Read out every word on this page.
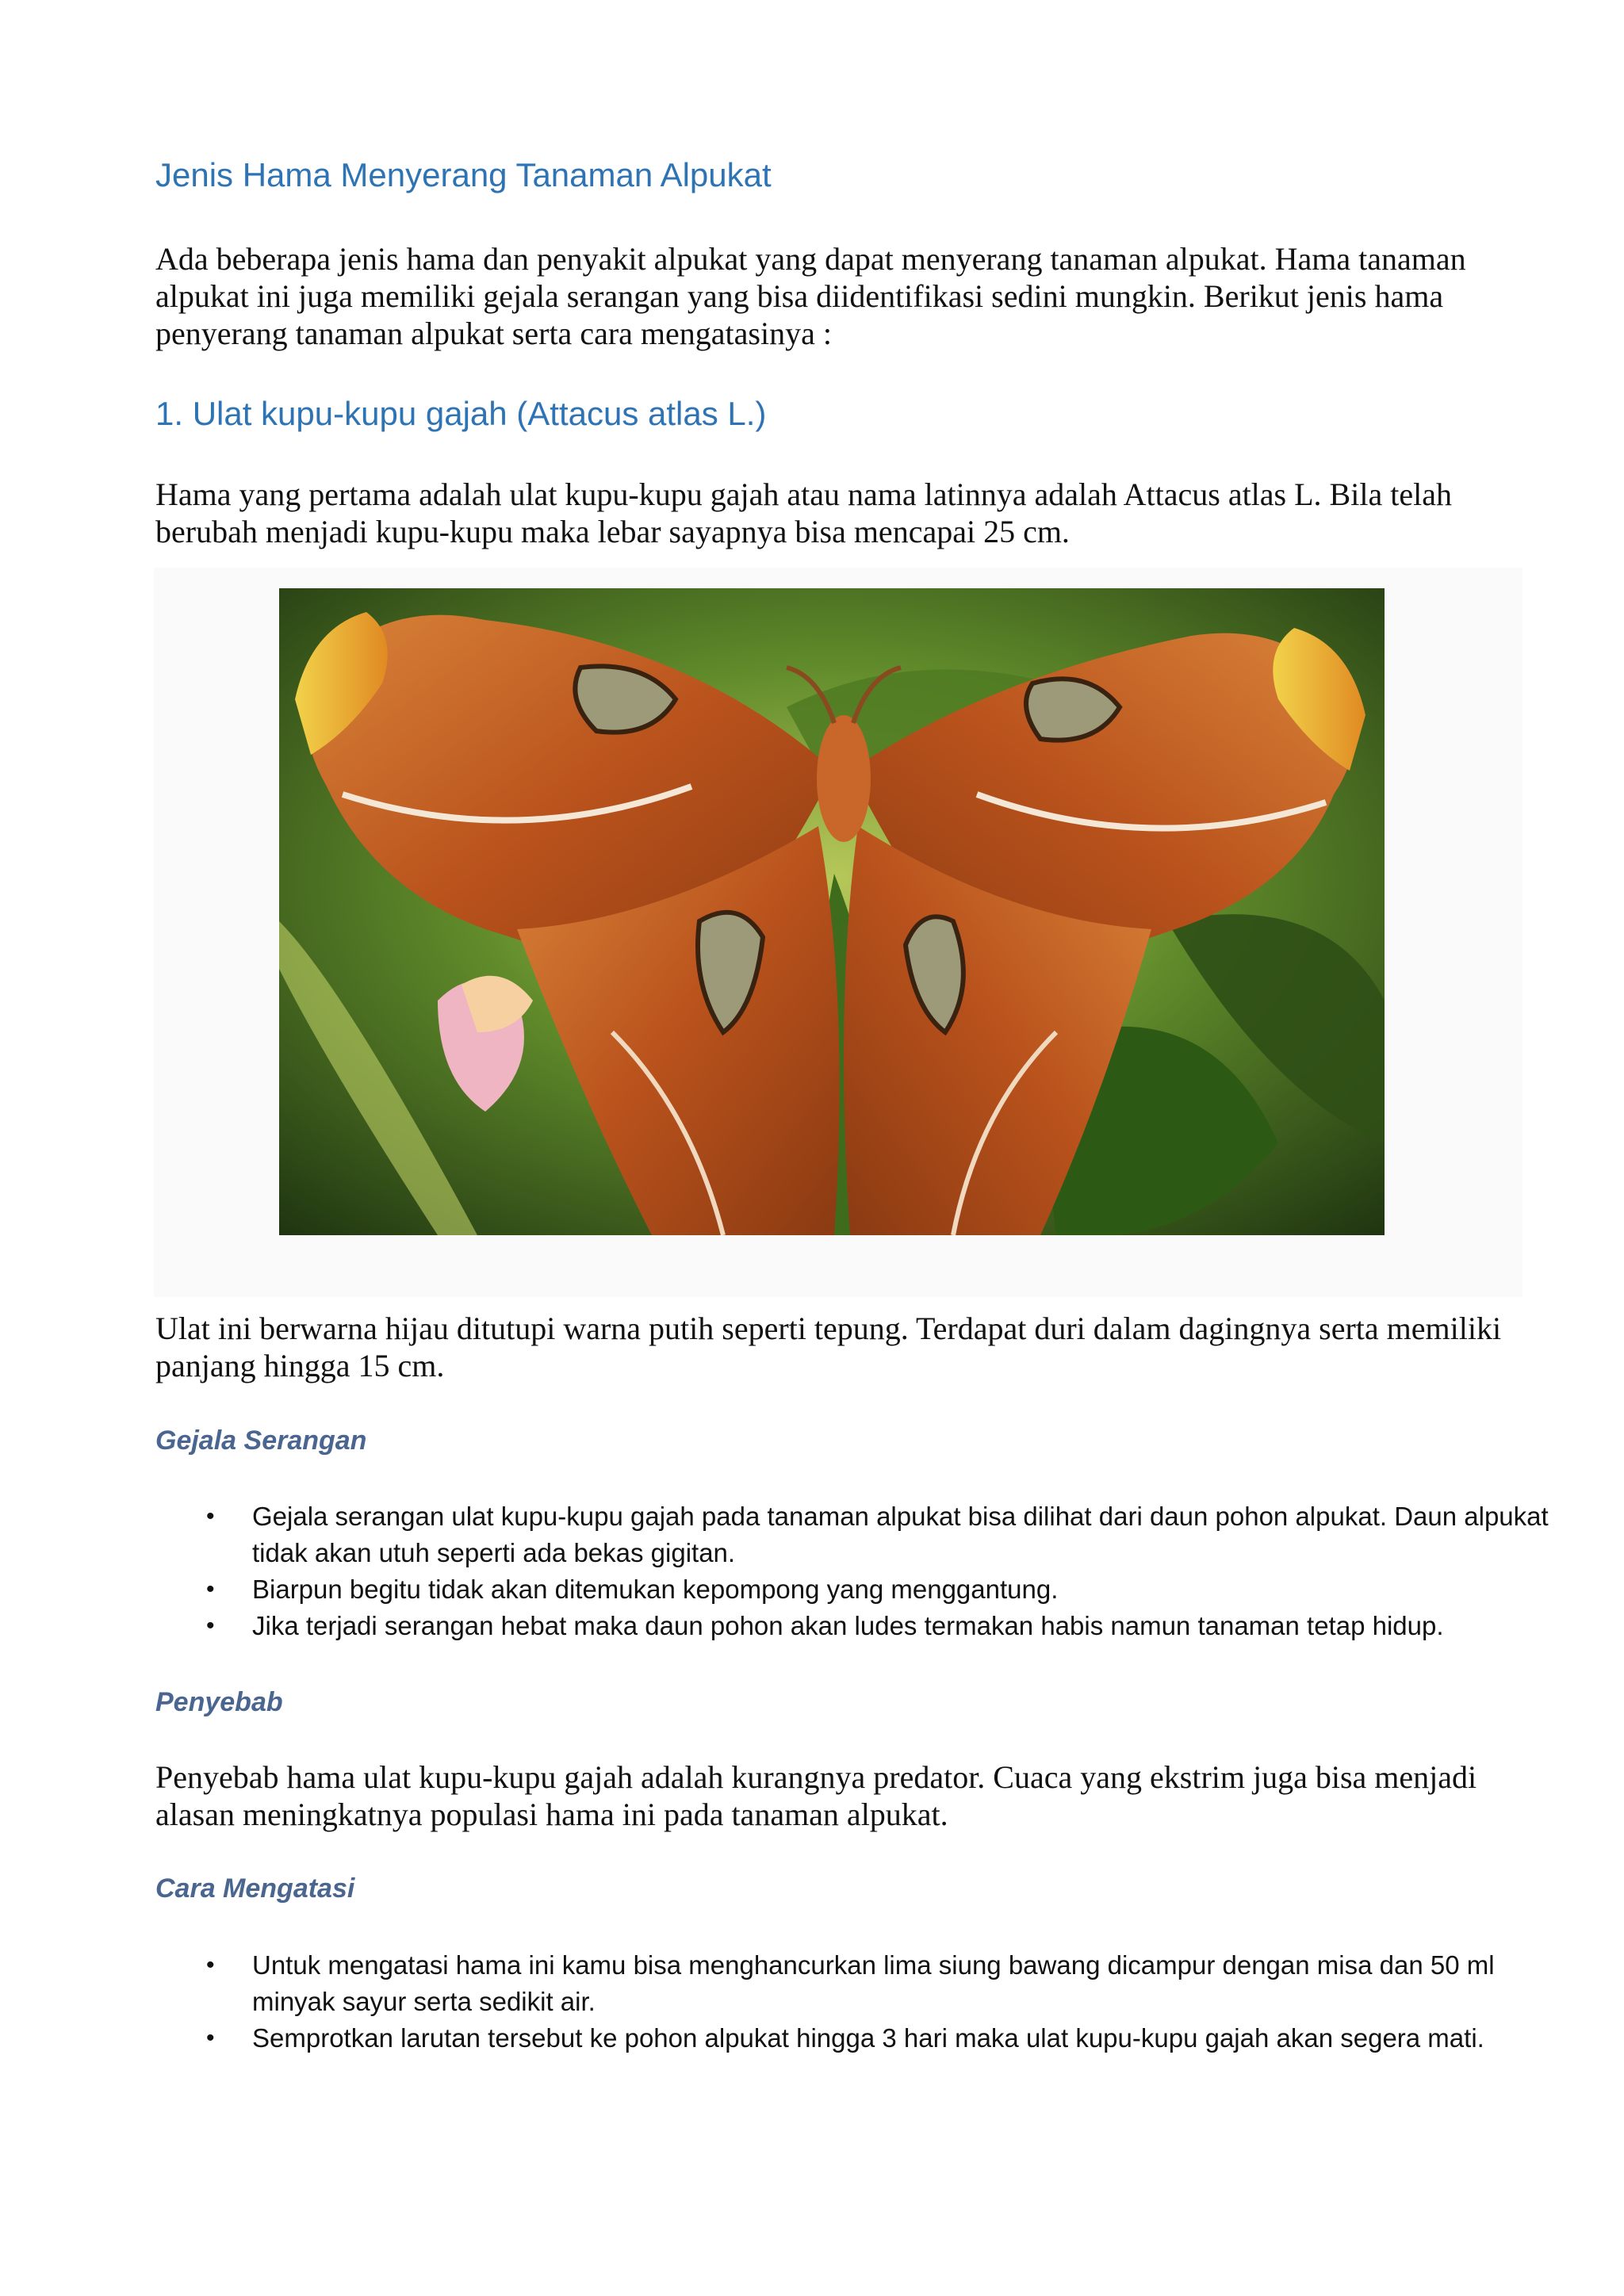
Jenis Hama Menyerang Tanaman Alpukat

Ada beberapa jenis hama dan penyakit alpukat yang dapat menyerang tanaman alpukat. Hama tanaman alpukat ini juga memiliki gejala serangan yang bisa diidentifikasi sedini mungkin. Berikut jenis hama penyerang tanaman alpukat serta cara mengatasinya :

1. Ulat kupu-kupu gajah (Attacus atlas L.)

Hama yang pertama adalah ulat kupu-kupu gajah atau nama latinnya adalah Attacus atlas L. Bila telah berubah menjadi kupu-kupu maka lebar sayapnya bisa mencapai 25 cm.

Ulat ini berwarna hijau ditutupi warna putih seperti tepung. Terdapat duri dalam dagingnya serta memiliki panjang hingga 15 cm.

Gejala Serangan
• Gejala serangan ulat kupu-kupu gajah pada tanaman alpukat bisa dilihat dari daun pohon alpukat. Daun alpukat tidak akan utuh seperti ada bekas gigitan.
• Biarpun begitu tidak akan ditemukan kepompong yang menggantung.
• Jika terjadi serangan hebat maka daun pohon akan ludes termakan habis namun tanaman tetap hidup.
Penyebab

Penyebab hama ulat kupu-kupu gajah adalah kurangnya predator. Cuaca yang ekstrim juga bisa menjadi alasan meningkatnya populasi hama ini pada tanaman alpukat.

Cara Mengatasi
• Untuk mengatasi hama ini kamu bisa menghancurkan lima siung bawang dicampur dengan misa dan 50 ml minyak sayur serta sedikit air.
• Semprotkan larutan tersebut ke pohon alpukat hingga 3 hari maka ulat kupu-kupu gajah akan segera mati.
